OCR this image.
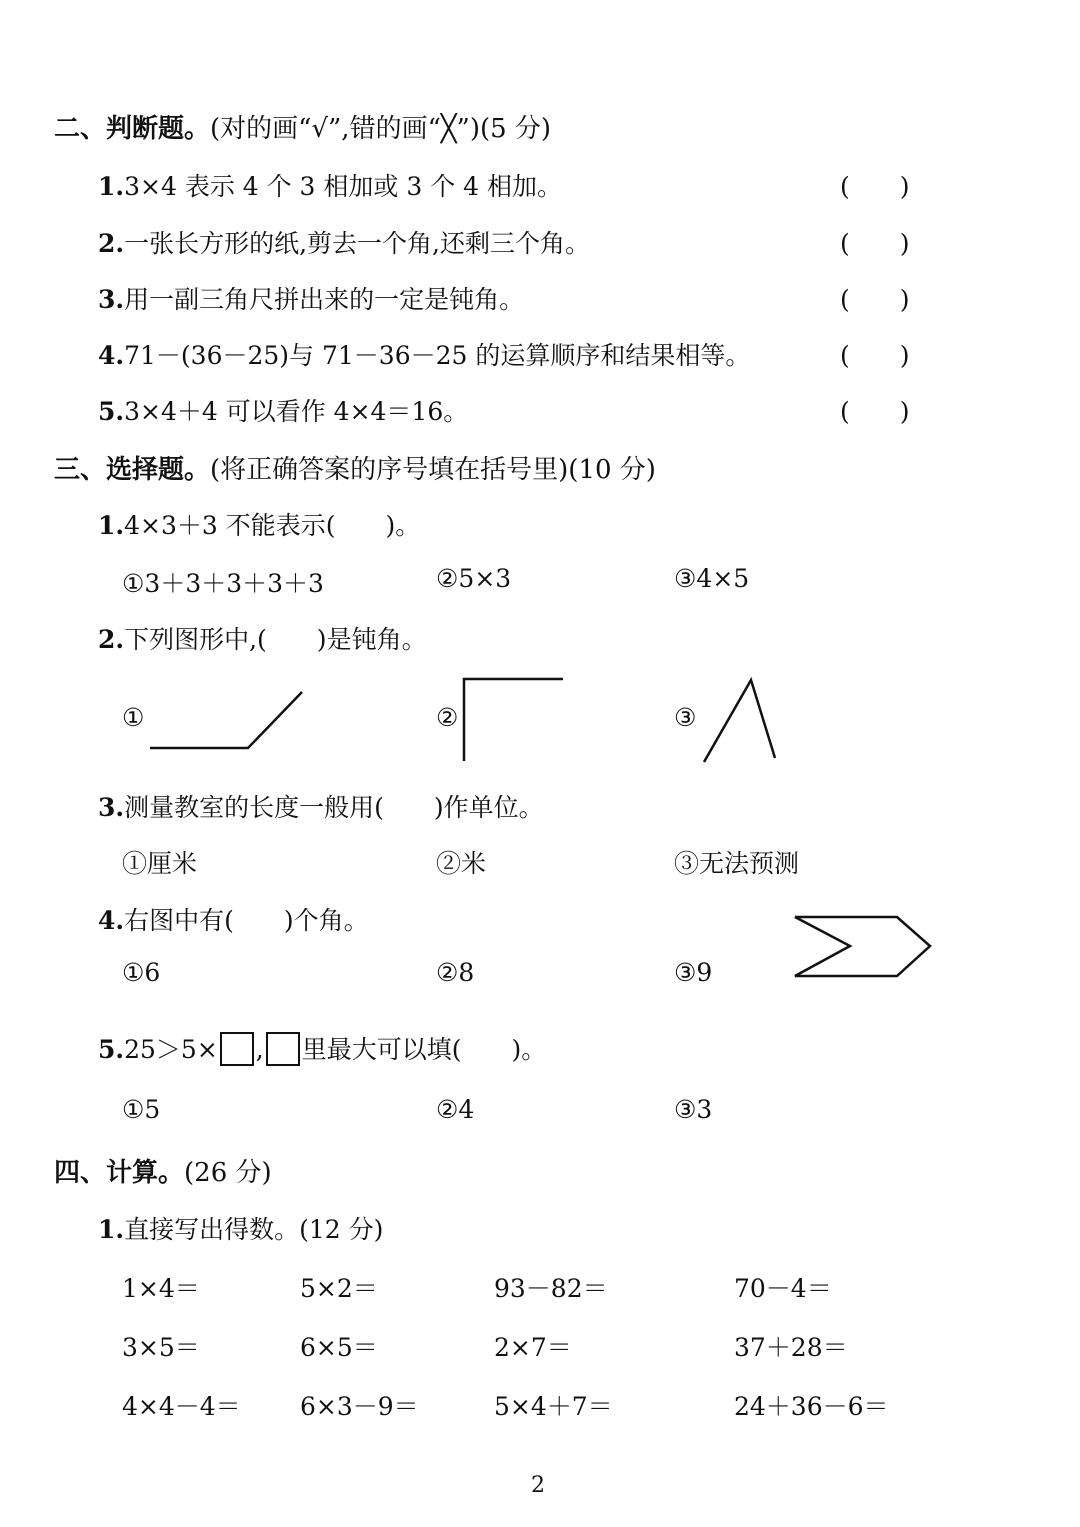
二、判断题。(对的画“√”,错的画“╳”)(5 分)
1.3×4 表示 4 个 3 相加或 3 个 4 相加。	(　　)
2.一张长方形的纸,剪去一个角,还剩三个角。	(　　)
3.用一副三角尺拼出来的一定是钝角。	(　　)
4.71－(36－25)与 71－36－25 的运算顺序和结果相等。	(　　)
5.3×4＋4 可以看作 4×4＝16。	(　　)
三、选择题。(将正确答案的序号填在括号里)(10 分)
1.4×3＋3 不能表示(　　)。
①3＋3＋3＋3＋3	②5×3	③4×5
2.下列图形中,(　　)是钝角。
①	②	③
3.测量教室的长度一般用(　　)作单位。
①厘米	②米	③无法预测
4.右图中有(　　)个角。
①6	②8	③9
5.25＞5× , 里最大可以填(　　)。
①5	②4	③3
四、计算。(26 分)
1.直接写出得数。(12 分)
1×4＝	5×2＝	93－82＝	70－4＝
3×5＝	6×5＝	2×7＝	37＋28＝
4×4－4＝ 6×3－9＝	5×4＋7＝	24＋36－6＝
2
